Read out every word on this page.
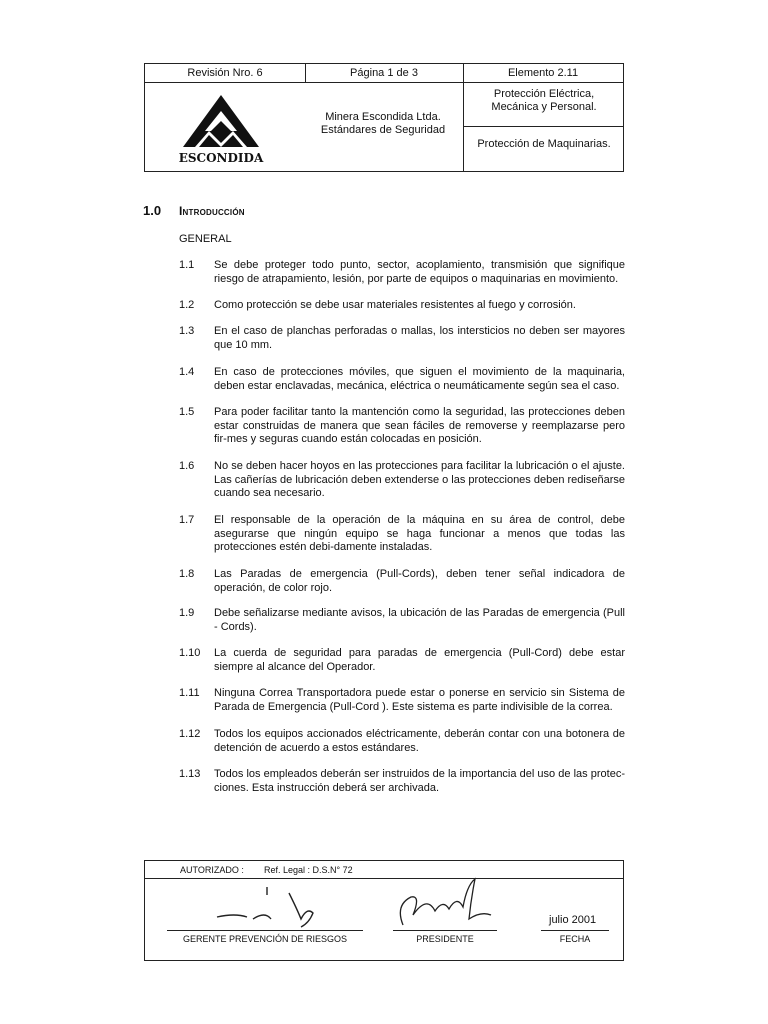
Revisión Nro. 6	Página 1 de 3	Elemento 2.11
ESCONDIDA
Minera Escondida Ltda.
Estándares de Seguridad
Protección Eléctrica,
Mecánica y Personal.
Protección de Maquinarias.
1.0 Introducción
GENERAL
1.1 Se debe proteger todo punto, sector, acoplamiento, transmisión que signifique riesgo de atrapamiento, lesión, por parte de equipos o maquinarias en movimiento.
1.2 Como protección se debe usar materiales resistentes al fuego y corrosión.
1.3 En el caso de planchas perforadas o mallas, los intersticios no deben ser mayores que 10 mm.
1.4 En caso de protecciones móviles, que siguen el movimiento de la maquinaria, deben estar enclavadas, mecánica, eléctrica o neumáticamente según sea el caso.
1.5 Para poder facilitar tanto la mantención como la seguridad, las protecciones deben estar construidas de manera que sean fáciles de removerse y reemplazarse pero fir-mes y seguras cuando están colocadas en posición.
1.6 No se deben hacer hoyos en las protecciones para facilitar la lubricación o el ajuste. Las cañerías de lubricación deben extenderse o las protecciones deben rediseñarse cuando sea necesario.
1.7 El responsable de la operación de la máquina en su área de control, debe asegurarse que ningún equipo se haga funcionar a menos que todas las protecciones estén debi-damente instaladas.
1.8 Las Paradas de emergencia (Pull-Cords), deben tener señal indicadora de operación, de color rojo.
1.9 Debe señalizarse mediante avisos, la ubicación de las Paradas de emergencia (Pull - Cords).
1.10 La cuerda de seguridad para paradas de emergencia (Pull-Cord) debe estar siempre al alcance del Operador.
1.11 Ninguna Correa Transportadora puede estar o ponerse en servicio sin Sistema de Parada de Emergencia (Pull-Cord ). Este sistema es parte indivisible de la correa.
1.12 Todos los equipos accionados eléctricamente, deberán contar con una botonera de detención de acuerdo a estos estándares.
1.13 Todos los empleados deberán ser instruidos de la importancia del uso de las protec-ciones. Esta instrucción deberá ser archivada.
AUTORIZADO : Ref. Legal : D.S.N° 72
GERENTE PREVENCIÓN DE RIESGOS	PRESIDENTE
julio 2001
FECHA
